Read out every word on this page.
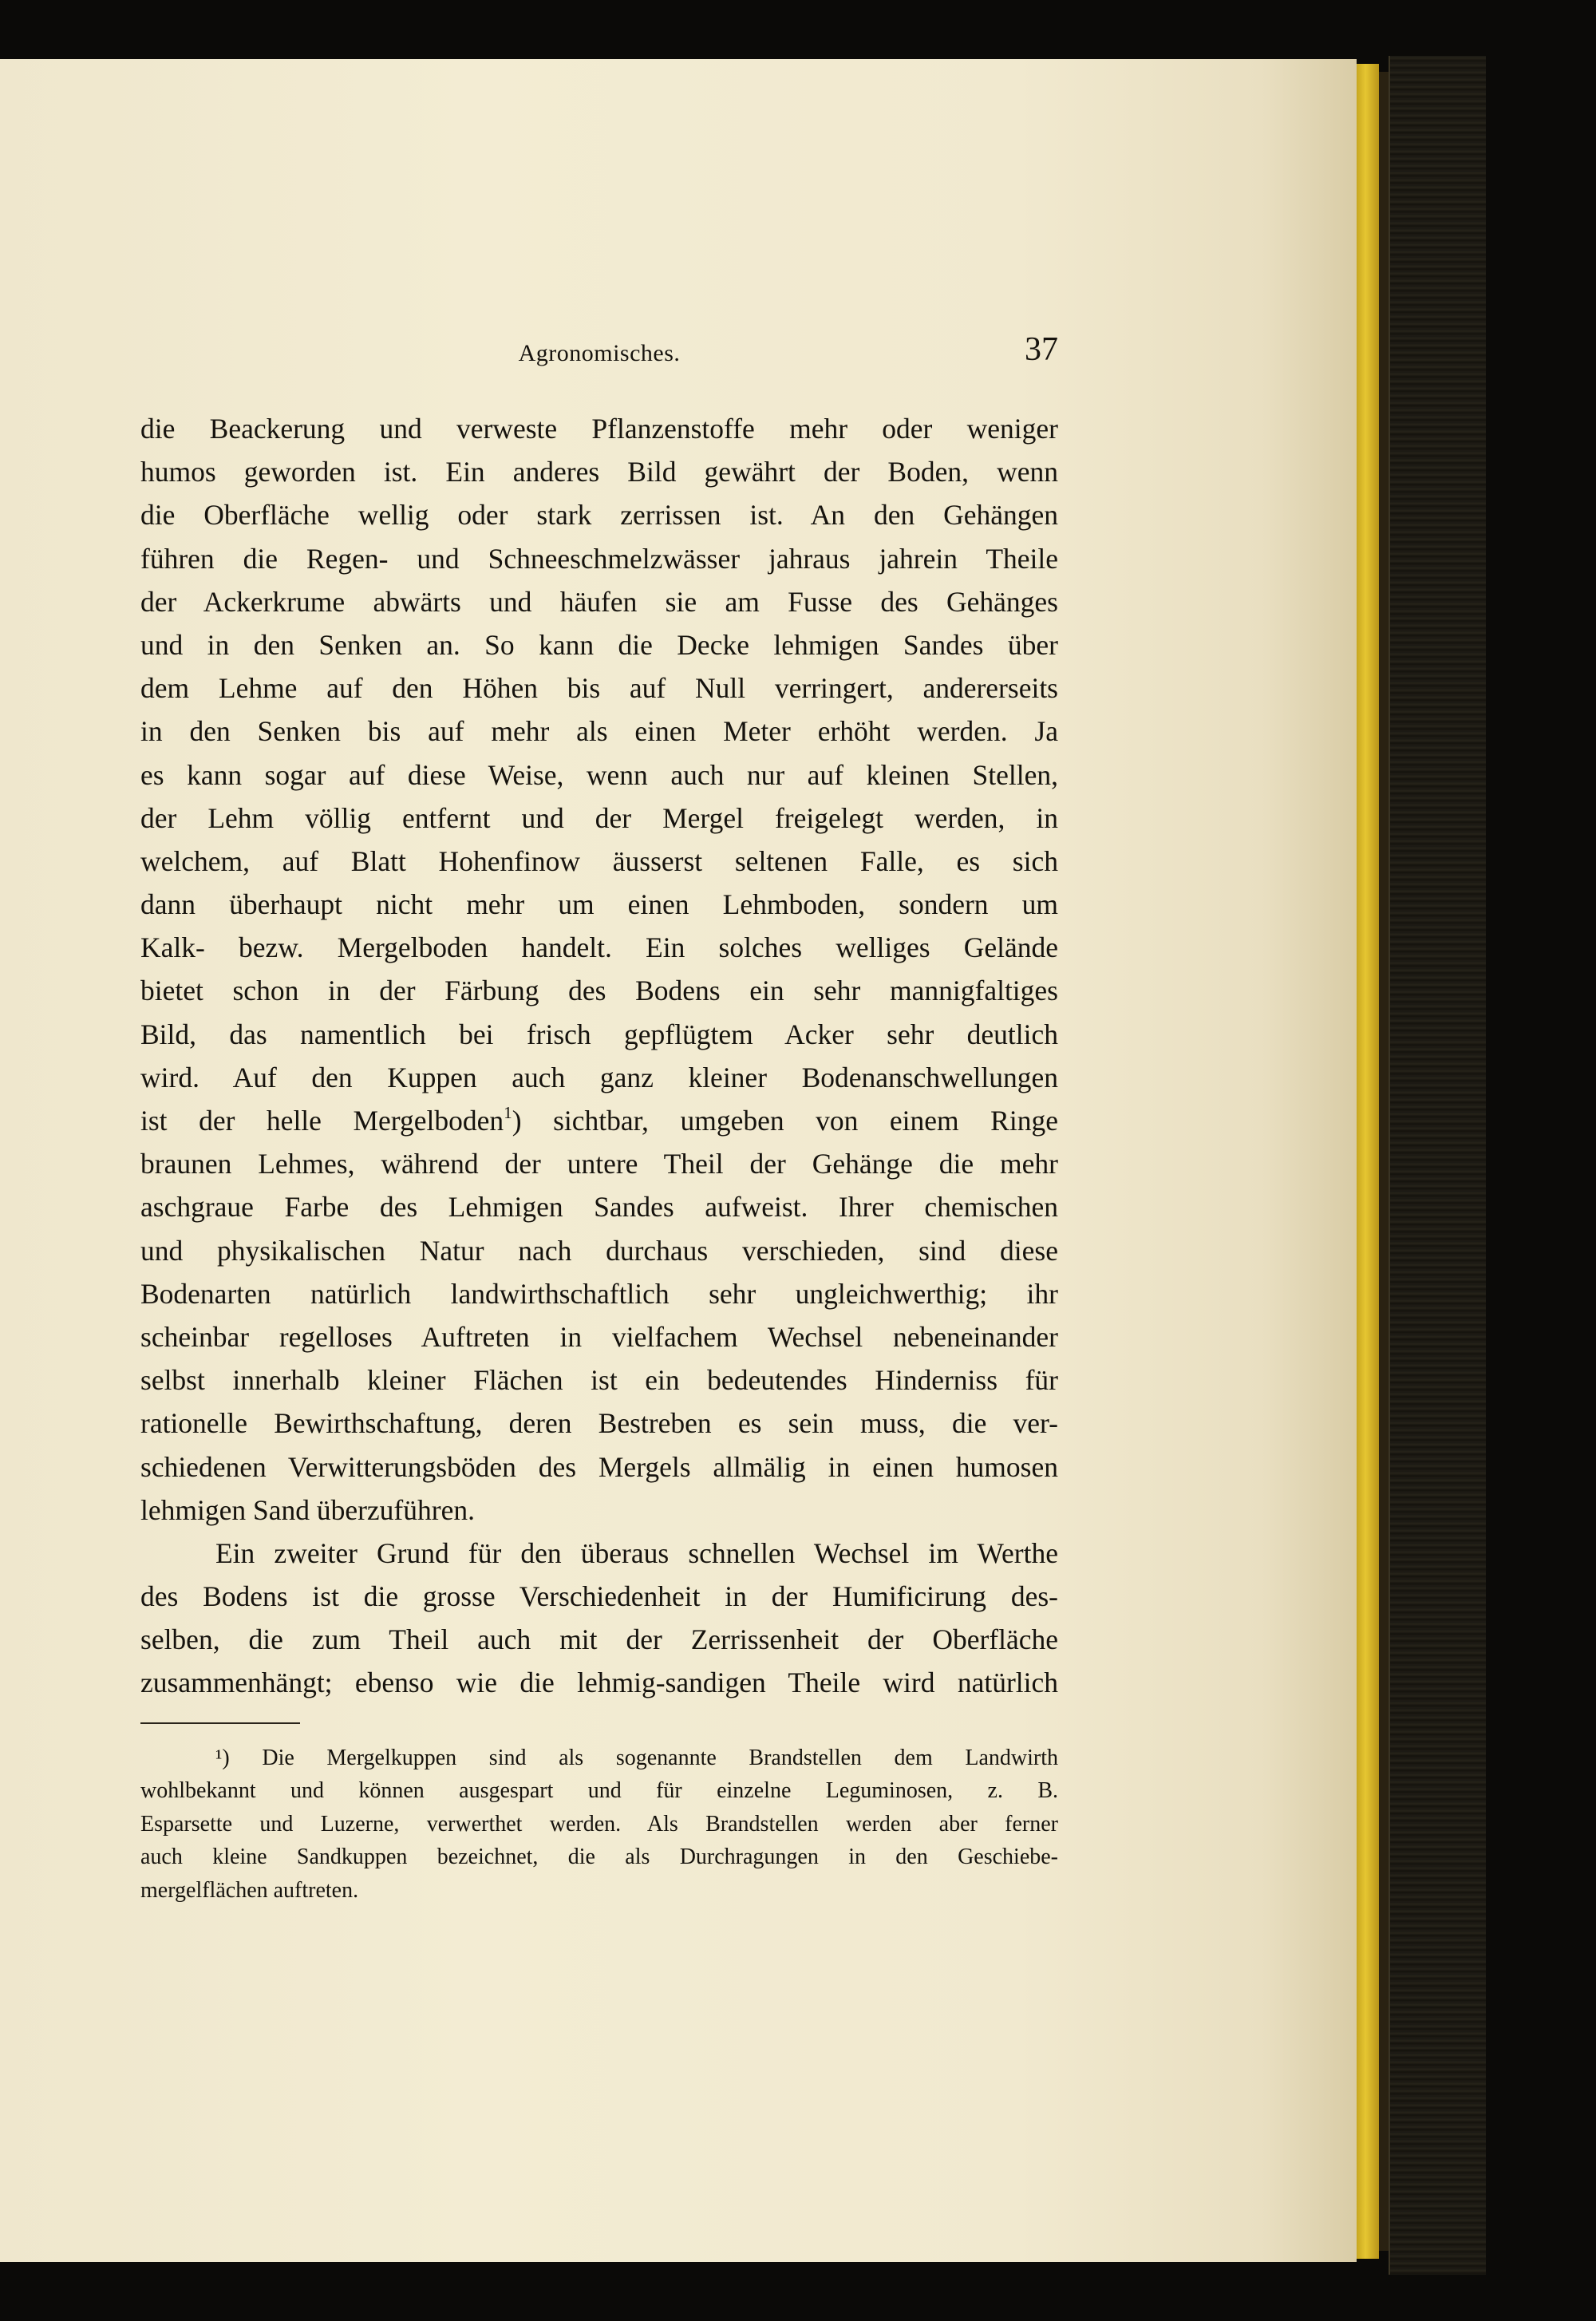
Agronomisches.	37
die Beackerung und verweste Pflanzenstoffe mehr oder weniger
humos geworden ist. Ein anderes Bild gewährt der Boden, wenn
die Oberfläche wellig oder stark zerrissen ist. An den Gehängen
führen die Regen- und Schneeschmelzwässer jahraus jahrein Theile
der Ackerkrume abwärts und häufen sie am Fusse des Gehänges
und in den Senken an. So kann die Decke lehmigen Sandes über
dem Lehme auf den Höhen bis auf Null verringert, andererseits
in den Senken bis auf mehr als einen Meter erhöht werden. Ja
es kann sogar auf diese Weise, wenn auch nur auf kleinen Stellen,
der Lehm völlig entfernt und der Mergel freigelegt werden, in
welchem, auf Blatt Hohenfinow äusserst seltenen Falle, es sich
dann überhaupt nicht mehr um einen Lehmboden, sondern um
Kalk- bezw. Mergelboden handelt. Ein solches welliges Gelände
bietet schon in der Färbung des Bodens ein sehr mannigfaltiges
Bild, das namentlich bei frisch gepflügtem Acker sehr deutlich
wird. Auf den Kuppen auch ganz kleiner Bodenanschwellungen
ist der helle Mergelboden$^1$) sichtbar, umgeben von einem Ringe
braunen Lehmes, während der untere Theil der Gehänge die mehr
aschgraue Farbe des Lehmigen Sandes aufweist. Ihrer chemischen
und physikalischen Natur nach durchaus verschieden, sind diese
Bodenarten natürlich landwirthschaftlich sehr ungleichwerthig; ihr
scheinbar regelloses Auftreten in vielfachem Wechsel nebeneinander
selbst innerhalb kleiner Flächen ist ein bedeutendes Hinderniss für
rationelle Bewirthschaftung, deren Bestreben es sein muss, die ver-
schiedenen Verwitterungsböden des Mergels allmälig in einen humosen
lehmigen Sand überzuführen.
Ein zweiter Grund für den überaus schnellen Wechsel im Werthe
des Bodens ist die grosse Verschiedenheit in der Humificirung des-
selben, die zum Theil auch mit der Zerrissenheit der Oberfläche
zusammenhängt; ebenso wie die lehmig-sandigen Theile wird natürlich
¹) Die Mergelkuppen sind als sogenannte Brandstellen dem Landwirth
wohlbekannt und können ausgespart und für einzelne Leguminosen, z. B.
Esparsette und Luzerne, verwerthet werden. Als Brandstellen werden aber ferner
auch kleine Sandkuppen bezeichnet, die als Durchragungen in den Geschiebe-
mergelflächen auftreten.
